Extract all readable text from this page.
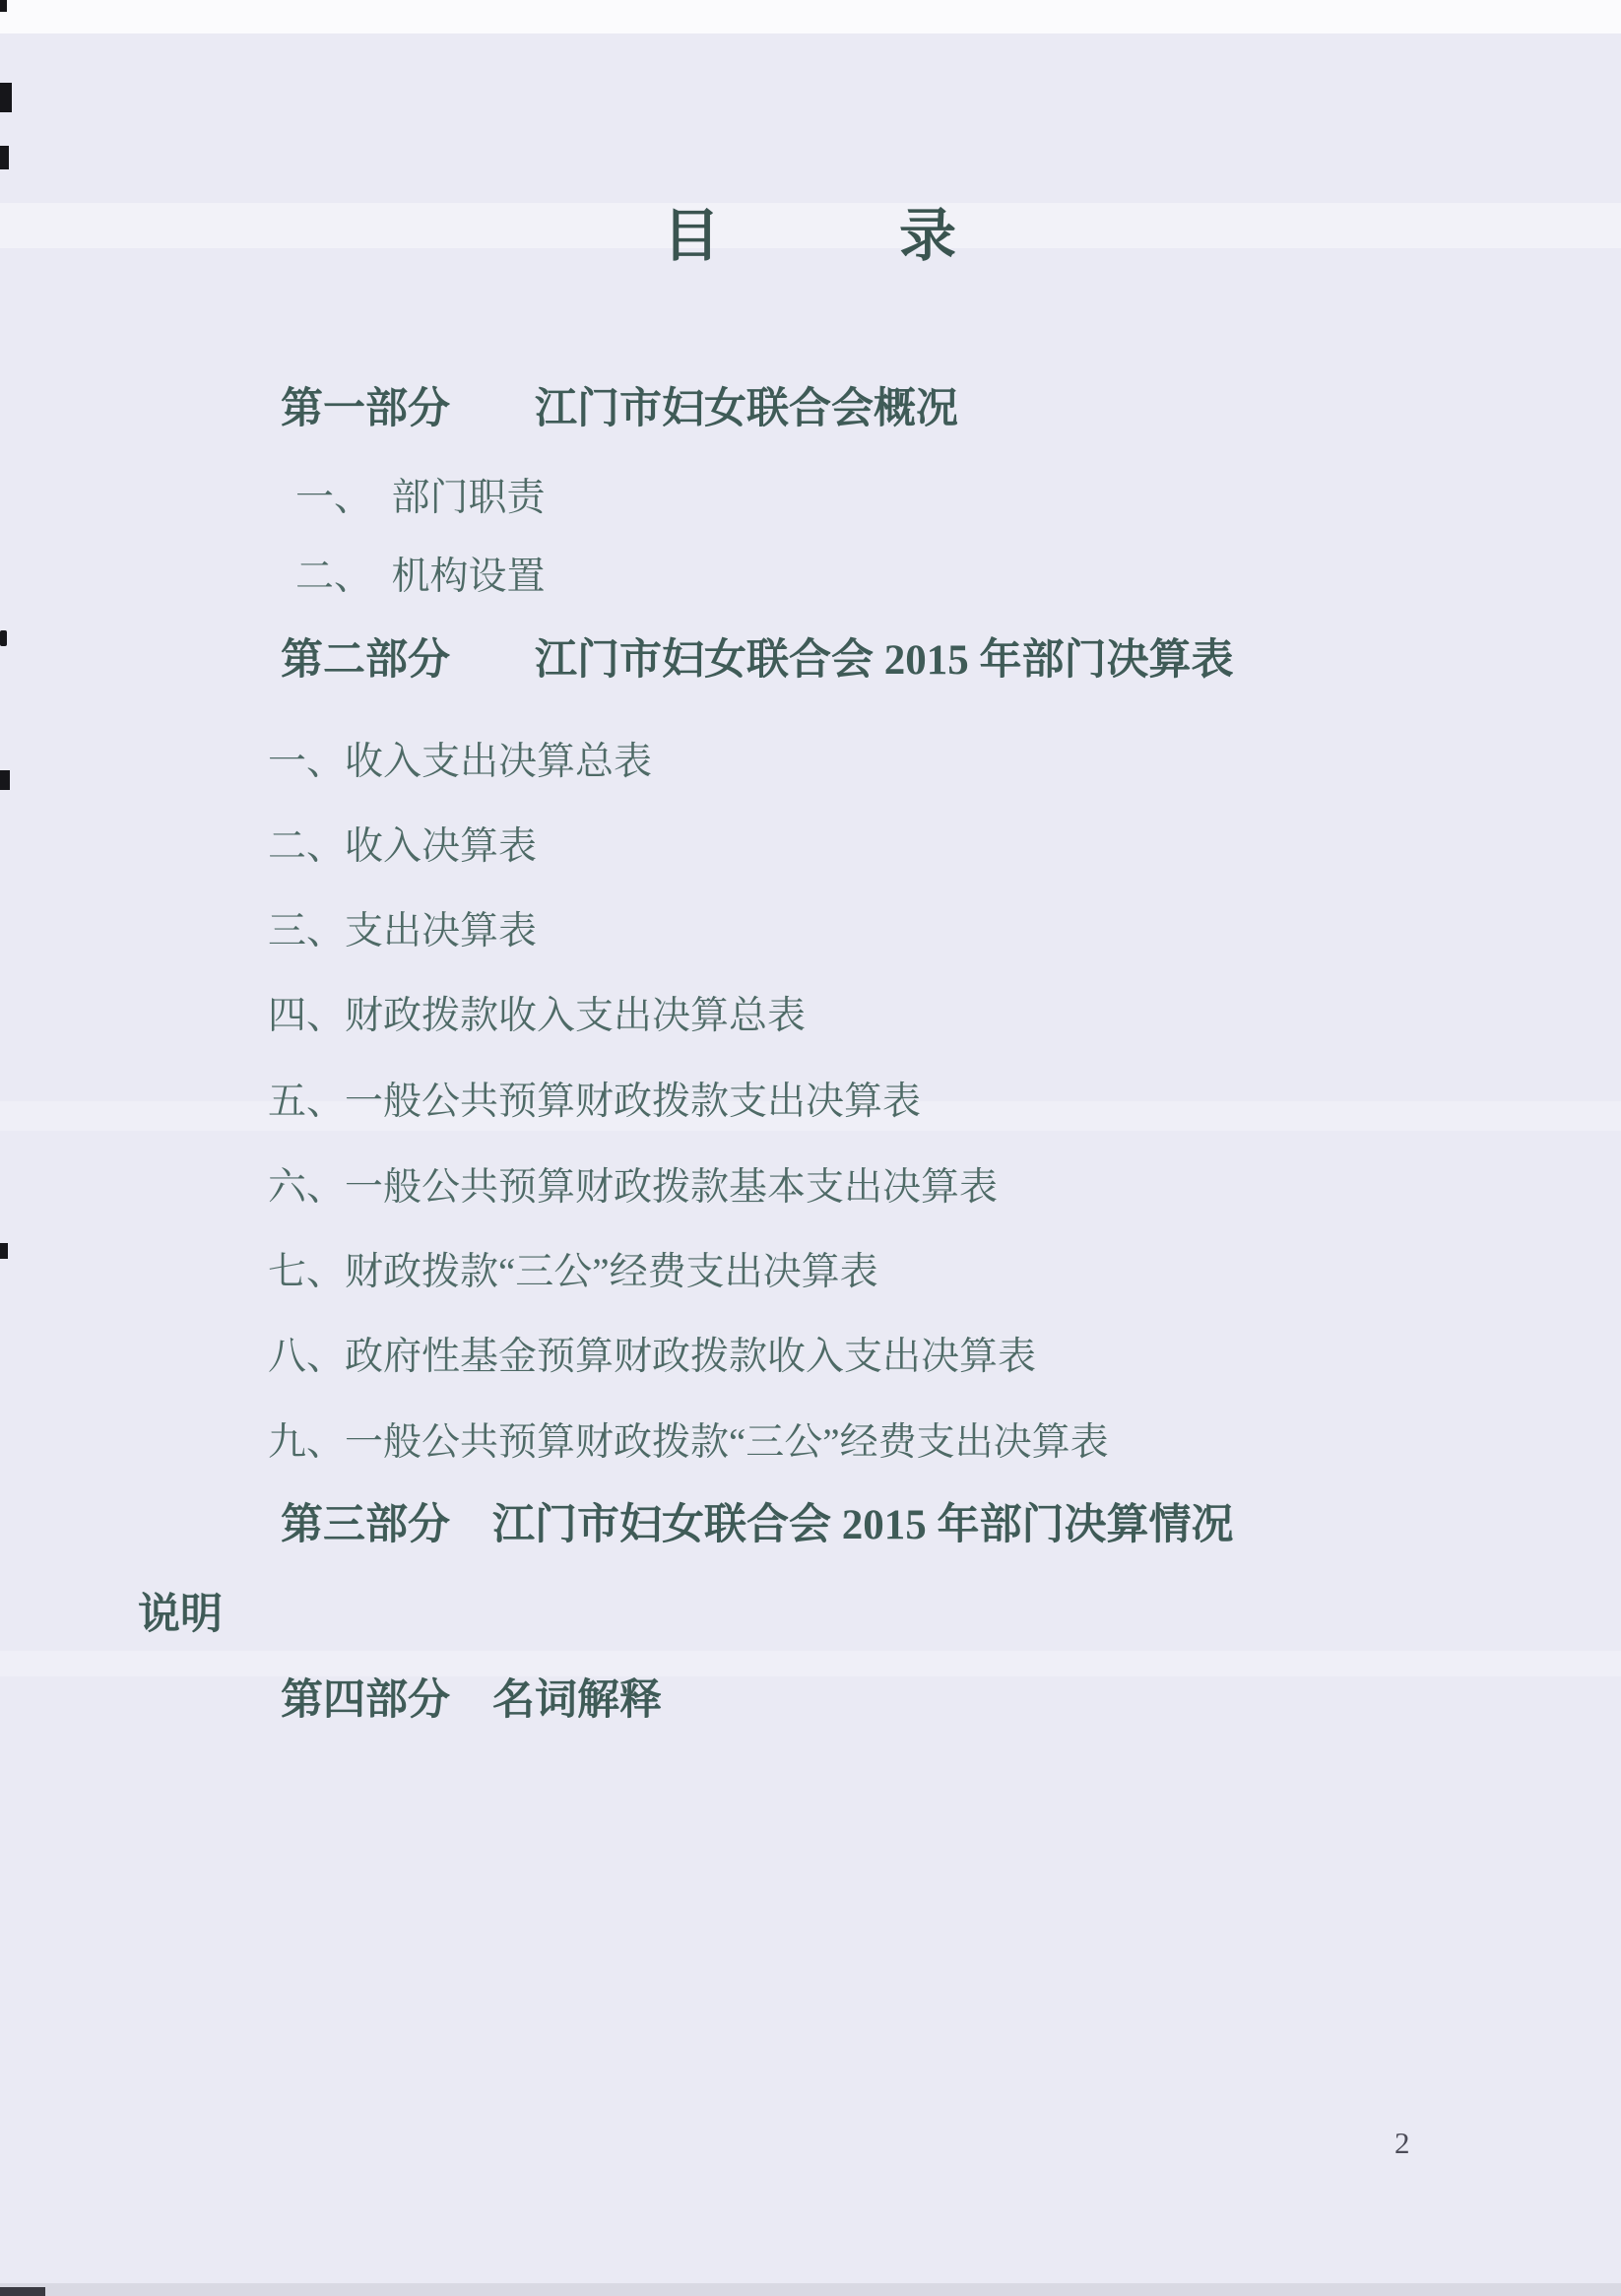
目　　　录
第一部分　　江门市妇女联合会概况
一、　部门职责
二、　机构设置
第二部分　　江门市妇女联合会 2015 年部门决算表
一、收入支出决算总表
二、收入决算表
三、支出决算表
四、财政拨款收入支出决算总表
五、一般公共预算财政拨款支出决算表
六、一般公共预算财政拨款基本支出决算表
七、财政拨款“三公”经费支出决算表
八、政府性基金预算财政拨款收入支出决算表
九、一般公共预算财政拨款“三公”经费支出决算表
第三部分　江门市妇女联合会 2015 年部门决算情况
说明
第四部分　名词解释
2
